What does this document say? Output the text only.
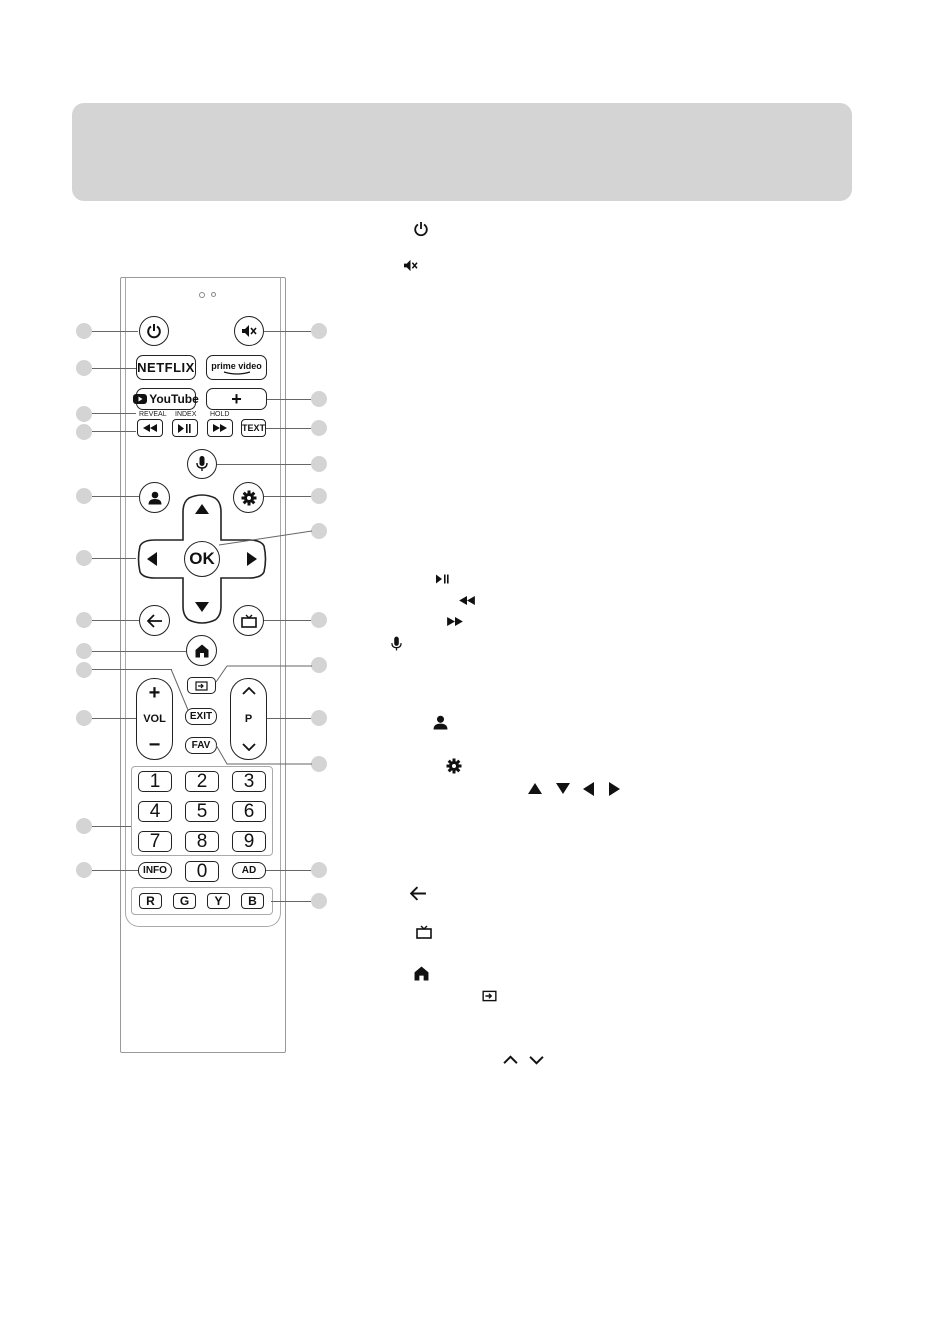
NETFLIX prime video
YouTube	+
REVEAL INDEX HOLD
TEXT
OK
+
VOL
−
P
EXIT
FAV
1	2	3
4	5	6
7	8	9
0
INFO	AD
R	G	Y	B
